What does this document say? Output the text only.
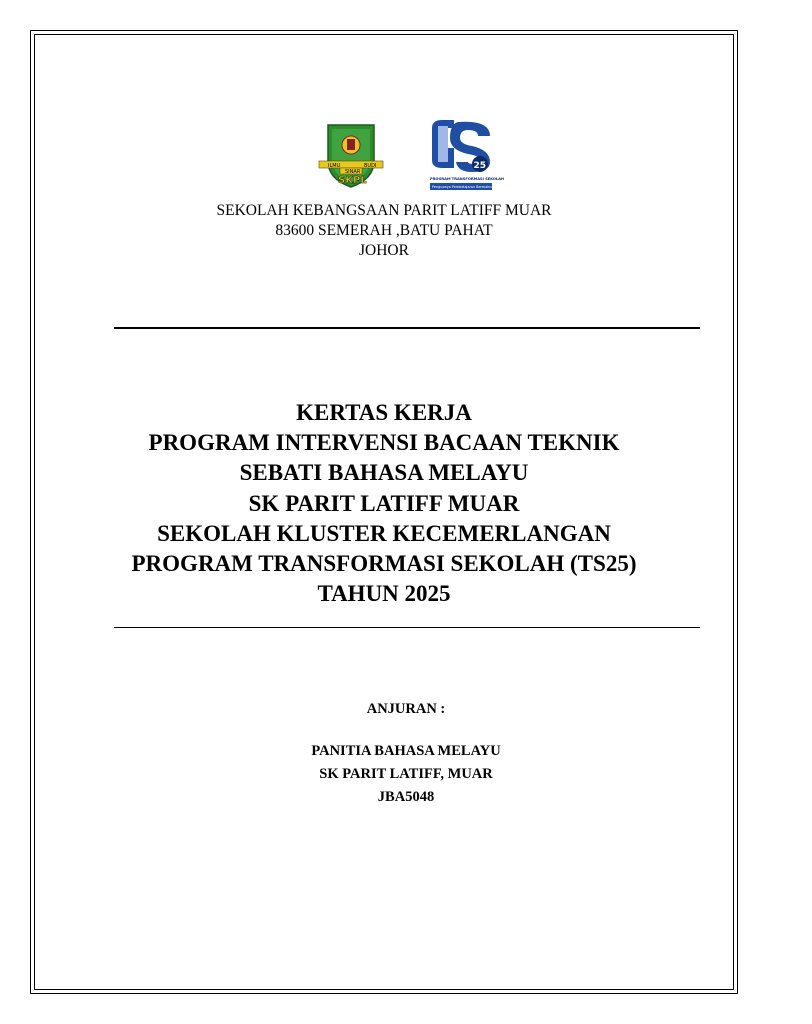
ILMU	BUDI
SINAR
SKPL
25
PROGRAM TRANSFORMASI SEKOLAH
Pengupaya Pembelajaran Bermakna
SEKOLAH KEBANGSAAN PARIT LATIFF MUAR
83600 SEMERAH ,BATU PAHAT
JOHOR
KERTAS KERJA
PROGRAM INTERVENSI BACAAN TEKNIK
SEBATI BAHASA MELAYU
SK PARIT LATIFF MUAR
SEKOLAH KLUSTER KECEMERLANGAN
PROGRAM TRANSFORMASI SEKOLAH (TS25)
TAHUN 2025
ANJURAN :
PANITIA BAHASA MELAYU
SK PARIT LATIFF, MUAR
JBA5048
